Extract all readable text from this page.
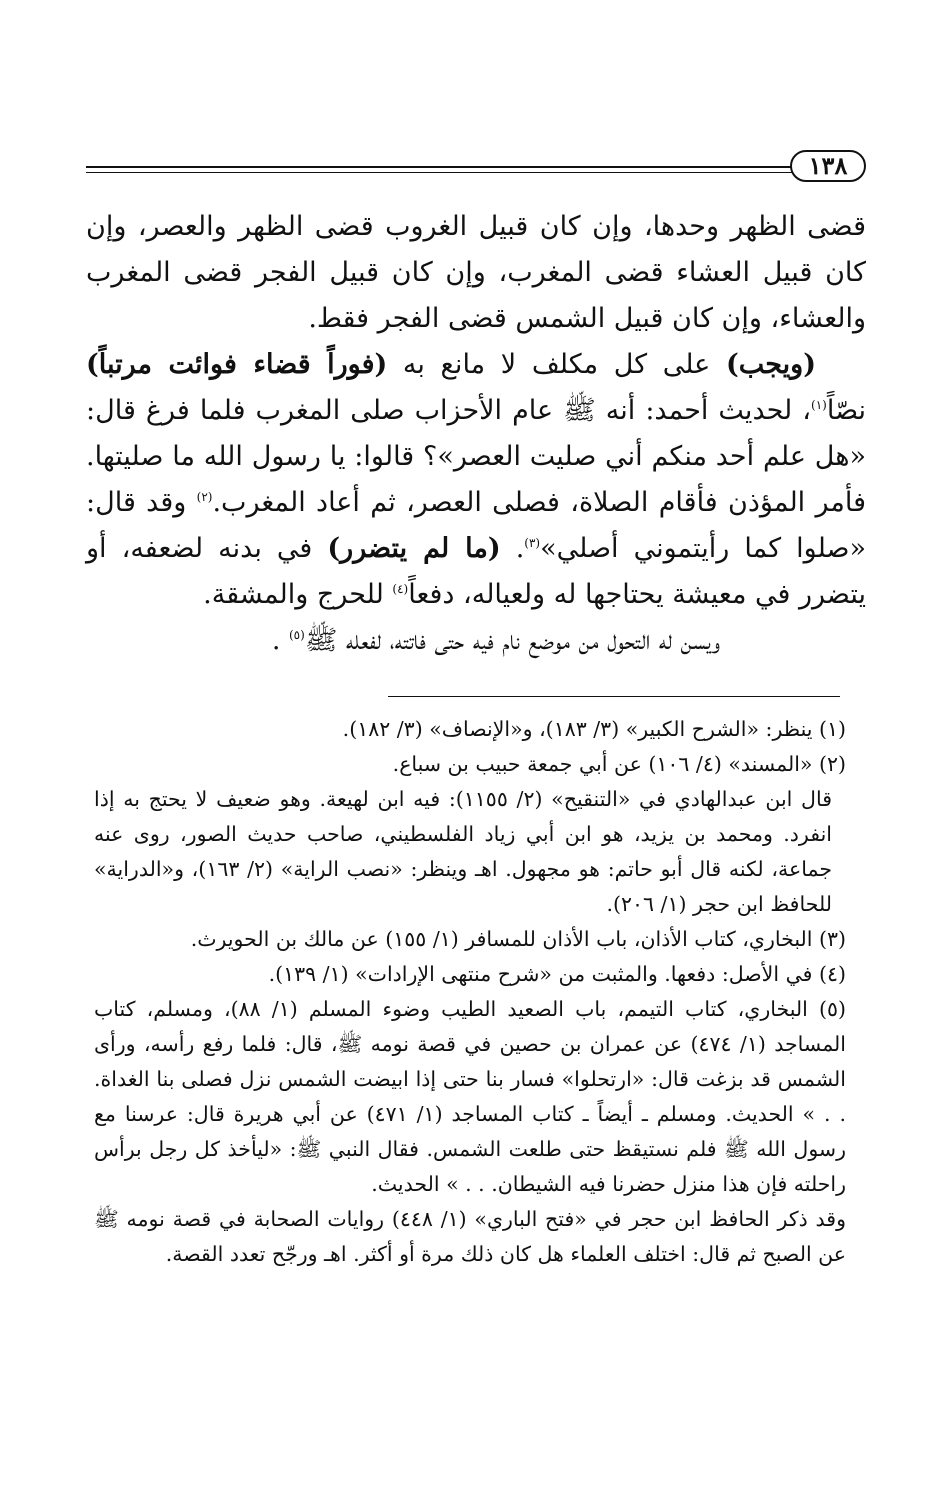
١٣٨

قضى الظهر وحدها، وإن كان قبيل الغروب قضى الظهر والعصر، وإن كان قبيل العشاء قضى المغرب، وإن كان قبيل الفجر قضى المغرب والعشاء، وإن كان قبيل الشمس قضى الفجر فقط.

(ويجب) على كل مكلف لا مانع به (فوراً قضاء فوائت مرتباً) نصّاً$^{(١)}$، لحديث أحمد: أنه ﷺ عام الأحزاب صلى المغرب فلما فرغ قال: «هل علم أحد منكم أني صليت العصر»؟ قالوا: يا رسول الله ما صليتها. فأمر المؤذن فأقام الصلاة، فصلى العصر، ثم أعاد المغرب.$^{(٢)}$ وقد قال: «صلوا كما رأيتموني أصلي»$^{(٣)}$. (ما لم يتضرر) في بدنه لضعفه، أو يتضرر في معيشة يحتاجها له ولعياله، دفعاً$^{(٤)}$ للحرج والمشقة.

ويسن له التحول من موضع نام فيه حتى فاتته، لفعله ﷺ$^{(٥)}$ .

(١) ينظر: «الشرح الكبير» (٣/ ١٨٣)، و«الإنصاف» (٣/ ١٨٢).

(٢) «المسند» (٤/ ١٠٦) عن أبي جمعة حبيب بن سباع.

قال ابن عبدالهادي في «التنقيح» (٢/ ١١٥٥): فيه ابن لهيعة. وهو ضعيف لا يحتج به إذا انفرد. ومحمد بن يزيد، هو ابن أبي زياد الفلسطيني، صاحب حديث الصور، روى عنه جماعة، لكنه قال أبو حاتم: هو مجهول. اهـ وينظر: «نصب الراية» (٢/ ١٦٣)، و«الدراية» للحافظ ابن حجر (١/ ٢٠٦).

(٣) البخاري، كتاب الأذان، باب الأذان للمسافر (١/ ١٥٥) عن مالك بن الحويرث.

(٤) في الأصل: دفعها. والمثبت من «شرح منتهى الإرادات» (١/ ١٣٩).

(٥) البخاري، كتاب التيمم، باب الصعيد الطيب وضوء المسلم (١/ ٨٨)، ومسلم، كتاب المساجد (١/ ٤٧٤) عن عمران بن حصين في قصة نومه ﷺ، قال: فلما رفع رأسه، ورأى الشمس قد بزغت قال: «ارتحلوا» فسار بنا حتى إذا ابيضت الشمس نزل فصلى بنا الغداة. . . » الحديث. ومسلم ـ أيضاً ـ كتاب المساجد (١/ ٤٧١) عن أبي هريرة قال: عرسنا مع رسول الله ﷺ فلم نستيقظ حتى طلعت الشمس. فقال النبي ﷺ: «ليأخذ كل رجل برأس راحلته فإن هذا منزل حضرنا فيه الشيطان. . . » الحديث.

وقد ذكر الحافظ ابن حجر في «فتح الباري» (١/ ٤٤٨) روايات الصحابة في قصة نومه ﷺ عن الصبح ثم قال: اختلف العلماء هل كان ذلك مرة أو أكثر. اهـ ورجّح تعدد القصة.
